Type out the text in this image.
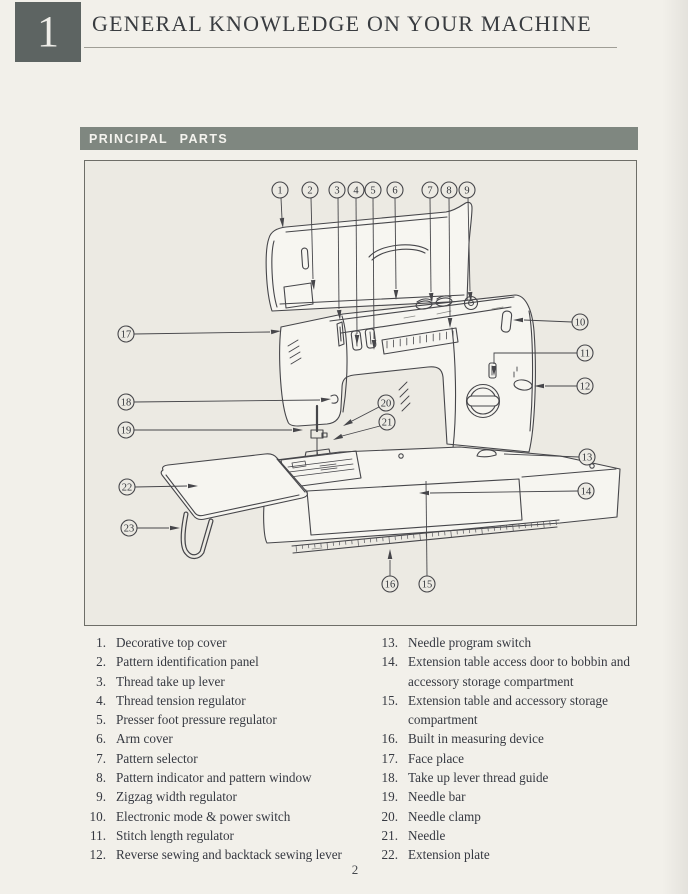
1 GENERAL KNOWLEDGE ON YOUR MACHINE
PRINCIPAL PARTS
1 2 3 4 5 6	7 8 9
10
11
12
13
14
15
16
17
18
19
20
21
22
23
1. Decorative top cover
2. Pattern identification panel
3. Thread take up lever
4. Thread tension regulator
5. Presser foot pressure regulator
6. Arm cover
7. Pattern selector
8. Pattern indicator and pattern window
9. Zigzag width regulator
10. Electronic mode & power switch
11. Stitch length regulator
12. Reverse sewing and backtack sewing lever
13. Needle program switch
14. Extension table access door to bobbin and accessory storage compartment
15. Extension table and accessory storage compartment
16. Built in measuring device
17. Face place
18. Take up lever thread guide
19. Needle bar
20. Needle clamp
21. Needle
22. Extension plate
2
